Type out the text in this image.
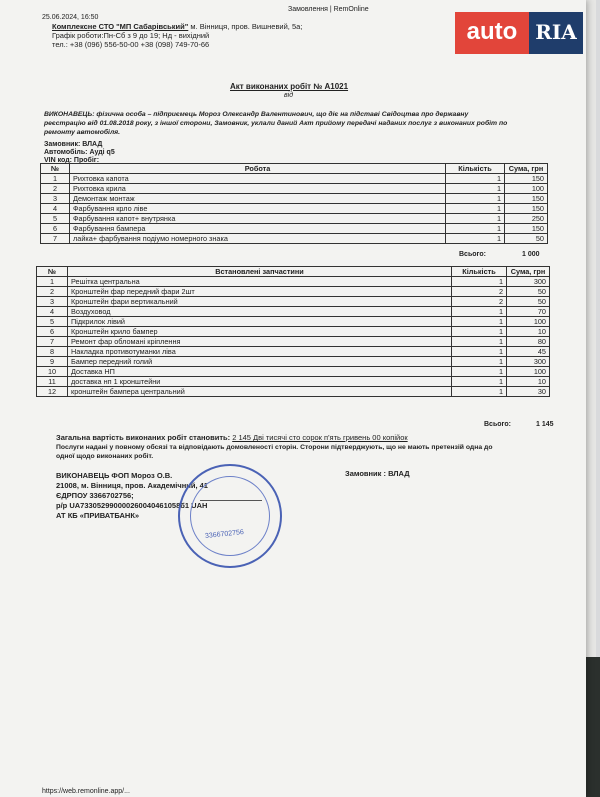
25.06.2024, 16:50
Замовлення | RemOnline
Комплексне СТО "МП Сабарівський" м. Вінниця, пров. Вишневий, 5а;
Графік роботи:Пн-Сб з 9 до 19; Нд - вихідний
тел.: +38 (096) 556-50-00 +38 (098) 749-70-66
Акт виконаних робіт № А1021
від
ВИКОНАВЕЦЬ: фізична особа – підприємець Мороз Олександр Валентинович, що діє на підставі Свідоцтва про державну
реєстрацію від 01.08.2018 року, з іншої сторони, Замовник, уклали даний Акт прийому передачі наданих послуг з виконаних робіт по
ремонту автомобіля.
Замовник: ВЛАД
Автомобіль: Ауді q5
VIN код: Пробіг:
№	Робота	Кількість	Сума, грн
1	Рихтовка капота	1	150
2	Рихтовка крила	1	100
3	Демонтаж монтаж	1	150
4	Фарбування крло ліве	1	150
5	Фарбування капот+ внутрянка	1	250
6	Фарбування бампера	1	150
7	лайка+ фарбування подіумо номерного знака	1	50
Всього:	1 000
№	Встановлені запчастини	Кількість	Сума, грн
1	Решітка центральна	1	300
2	Кронштейн фар передний фари 2шт	2	50
3	Кронштейн фари вертикальний	2	50
4	Воздуховод	1	70
5	Підкрилок лівий	1	100
6	Кронштейн крило бампер	1	10
7	Ремонт фар обломані кріплення	1	80
8	Накладка противотуманки ліва	1	45
9	Бампер передний голий	1	300
10	Доставка НП	1	100
11	доставка нп 1 кронштейни	1	10
12	кронштейн бампера центральний	1	30
Всього:	1 145
Загальна вартість виконаних робіт становить: 2 145 Дві тисячі сто сорок п'ять гривень 00 копійок
Послуги надані у повному обсязі та відповідають домовленості сторін. Сторони підтверджують, що не мають претензій одна до
одної щодо виконаних робіт.
ВИКОНАВЕЦЬ ФОП Мороз О.В.
21008, м. Вінниця, пров. Академічний, 41
ЄДРПОУ 3366702756;
р/р UA733052990000260040461058б1 UAH
АТ КБ «ПРИВАТБАНК»
Замовник : ВЛАД
3366702756
https://web.remonline.app/...
auto RIA
